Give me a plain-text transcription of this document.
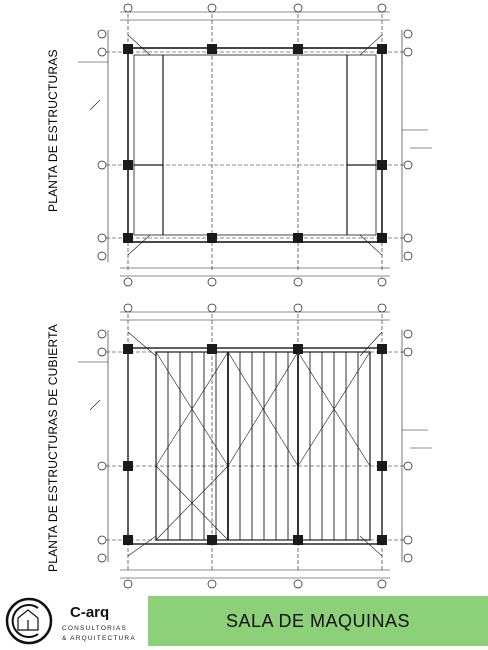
PLANTA DE ESTRUCTURAS
PLANTA DE ESTRUCTURAS DE CUBIERTA
C-arq
CONSULTORIAS
& ARQUITECTURA
SALA DE MAQUINAS
